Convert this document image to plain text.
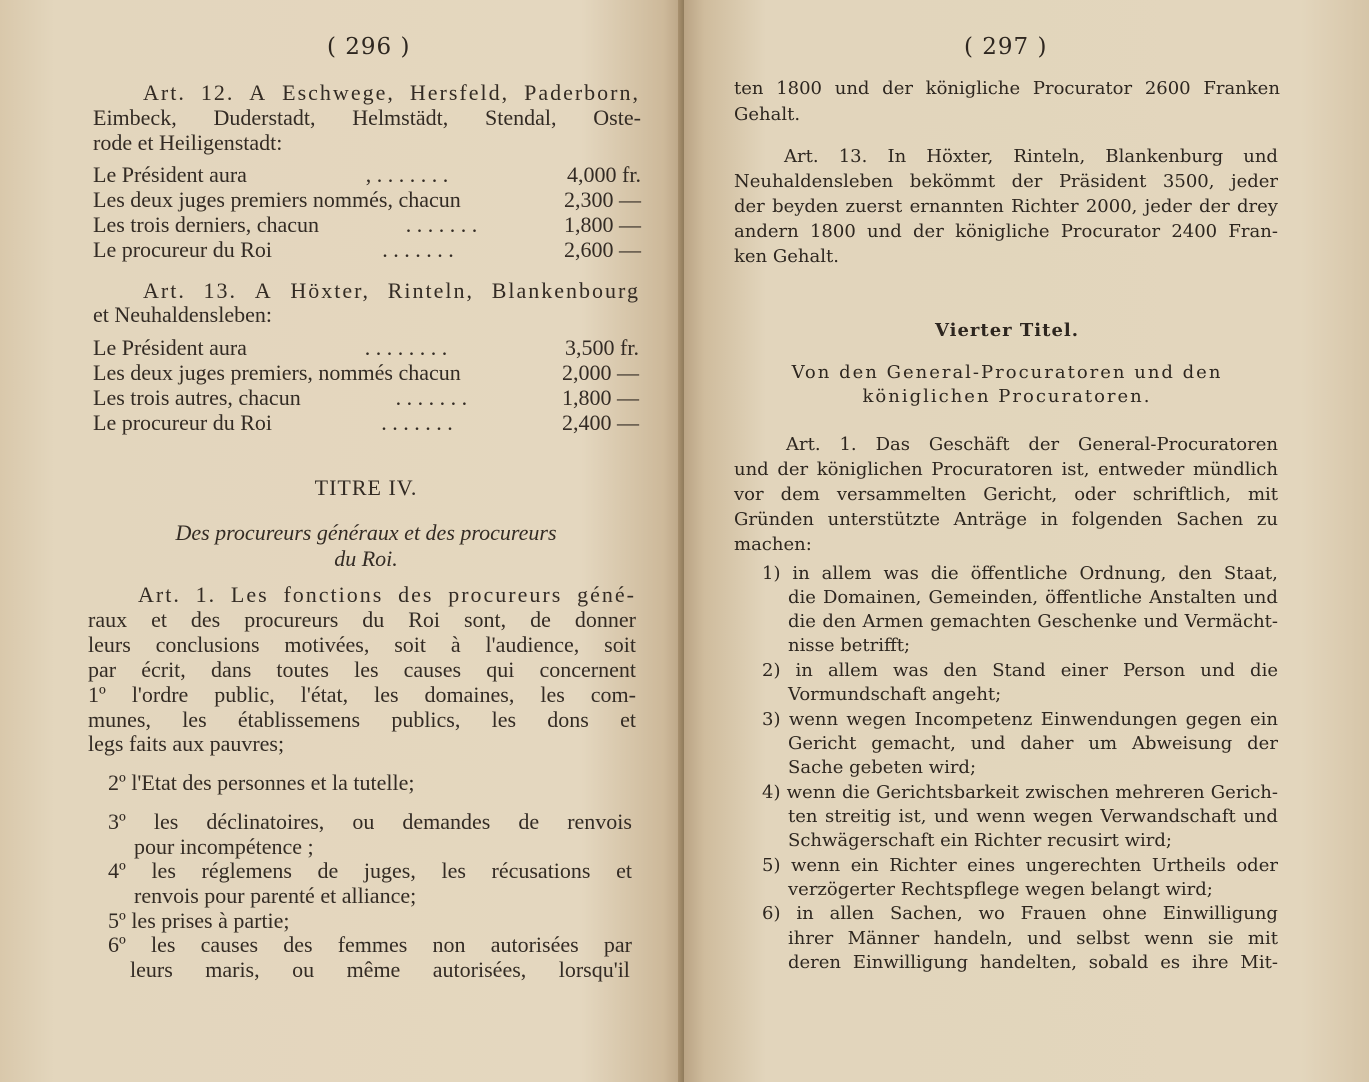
( 296 )
Art. 12. A Eschwege, Hersfeld, Paderborn,
Eimbeck, Duderstadt, Helmstädt, Stendal, Oste-
rode et Heiligenstadt:
Le Président aura	, . . . . . . .	4,000 fr.
Les deux juges premiers nommés, chacun	2,300 —
Les trois derniers, chacun	. . . . . . .	1,800 —
Le procureur du Roi	. . . . . . .	2,600 —
Art. 13. A Höxter, Rinteln, Blankenbourg
et Neuhaldensleben:
Le Président aura	. . . . . . . .	3,500 fr.
Les deux juges premiers, nommés chacun	2,000 —
Les trois autres, chacun	. . . . . . .	1,800 —
Le procureur du Roi	. . . . . . .	2,400 —
TITRE IV.
Des procureurs généraux et des procureurs
du Roi.
Art. 1. Les fonctions des procureurs géné-
raux et des procureurs du Roi sont, de donner
leurs conclusions motivées, soit à l'audience, soit
par écrit, dans toutes les causes qui concernent
1º l'ordre public, l'état, les domaines, les com-
munes, les établissemens publics, les dons et
legs faits aux pauvres;
2º l'Etat des personnes et la tutelle;
3º les déclinatoires, ou demandes de renvois
pour incompétence ;
4º les réglemens de juges, les récusations et
renvois pour parenté et alliance;
5º les prises à partie;
6º les causes des femmes non autorisées par
leurs maris, ou même autorisées, lorsqu'il
( 297 )
ten 1800 und der königliche Procurator 2600 Franken
Gehalt.
Art. 13. In Höxter, Rinteln, Blankenburg und
Neuhaldensleben bekömmt der Präsident 3500, jeder
der beyden zuerst ernannten Richter 2000, jeder der drey
andern 1800 und der königliche Procurator 2400 Fran-
ken Gehalt.
Vierter Titel.
Von den General-Procuratoren und den
königlichen Procuratoren.
Art. 1. Das Geschäft der General-Procuratoren
und der königlichen Procuratoren ist, entweder mündlich
vor dem versammelten Gericht, oder schriftlich, mit
Gründen unterstützte Anträge in folgenden Sachen zu
machen:
1) in allem was die öffentliche Ordnung, den Staat,
die Domainen, Gemeinden, öffentliche Anstalten und
die den Armen gemachten Geschenke und Vermächt-
nisse betrifft;
2) in allem was den Stand einer Person und die
Vormundschaft angeht;
3) wenn wegen Incompetenz Einwendungen gegen ein
Gericht gemacht, und daher um Abweisung der
Sache gebeten wird;
4) wenn die Gerichtsbarkeit zwischen mehreren Gerich-
ten streitig ist, und wenn wegen Verwandschaft und
Schwägerschaft ein Richter recusirt wird;
5) wenn ein Richter eines ungerechten Urtheils oder
verzögerter Rechtspflege wegen belangt wird;
6) in allen Sachen, wo Frauen ohne Einwilligung
ihrer Männer handeln, und selbst wenn sie mit
deren Einwilligung handelten, sobald es ihre Mit-
